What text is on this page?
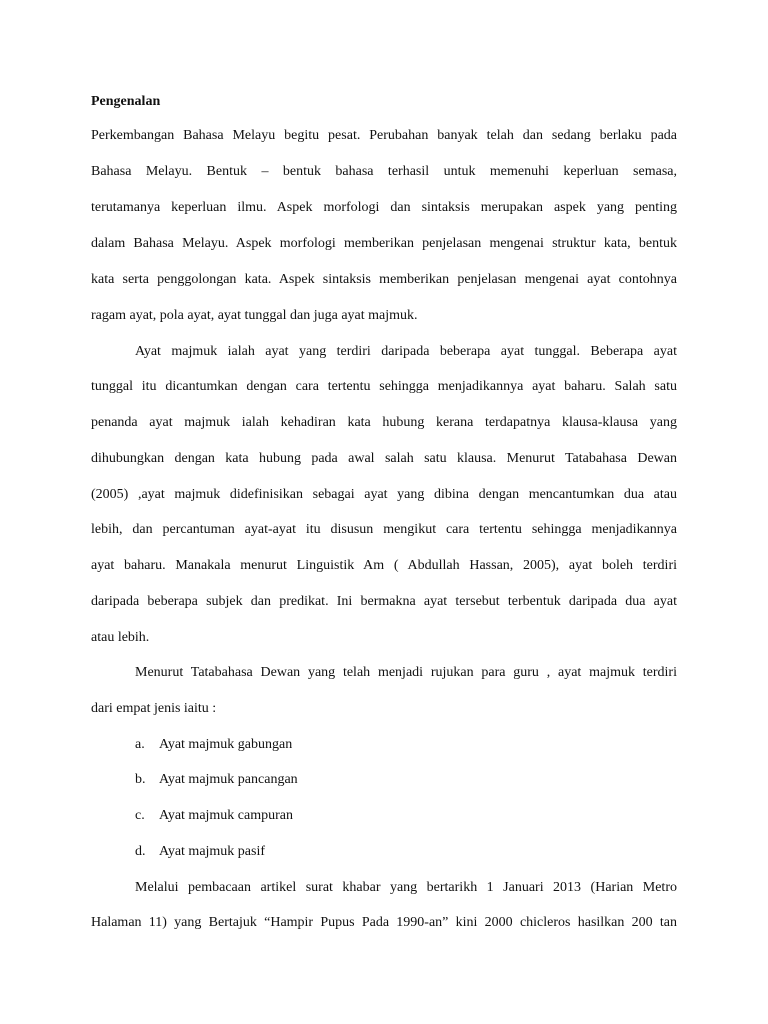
Pengenalan
Perkembangan Bahasa Melayu begitu pesat. Perubahan banyak telah dan sedang berlaku pada
Bahasa Melayu. Bentuk – bentuk bahasa terhasil untuk memenuhi keperluan semasa,
terutamanya keperluan ilmu. Aspek morfologi dan sintaksis merupakan aspek yang penting
dalam Bahasa Melayu. Aspek morfologi memberikan penjelasan mengenai struktur kata, bentuk
kata serta penggolongan kata. Aspek sintaksis memberikan penjelasan mengenai ayat contohnya
ragam ayat, pola ayat, ayat tunggal dan juga ayat majmuk.
Ayat majmuk ialah ayat yang terdiri daripada beberapa ayat tunggal. Beberapa ayat
tunggal itu dicantumkan dengan cara tertentu sehingga menjadikannya ayat baharu. Salah satu
penanda ayat majmuk ialah kehadiran kata hubung kerana terdapatnya klausa-klausa yang
dihubungkan dengan kata hubung pada awal salah satu klausa. Menurut Tatabahasa Dewan
(2005) ,ayat majmuk didefinisikan sebagai ayat yang dibina dengan mencantumkan dua atau
lebih, dan percantuman ayat-ayat itu disusun mengikut cara tertentu sehingga menjadikannya
ayat baharu. Manakala menurut Linguistik Am ( Abdullah Hassan, 2005), ayat boleh terdiri
daripada beberapa subjek dan predikat. Ini bermakna ayat tersebut terbentuk daripada dua ayat
atau lebih.
Menurut Tatabahasa Dewan yang telah menjadi rujukan para guru , ayat majmuk terdiri
dari empat jenis iaitu :
a. Ayat majmuk gabungan
b. Ayat majmuk pancangan
c. Ayat majmuk campuran
d. Ayat majmuk pasif
Melalui pembacaan artikel surat khabar yang bertarikh 1 Januari 2013 (Harian Metro
Halaman 11) yang Bertajuk “Hampir Pupus Pada 1990-an” kini 2000 chicleros hasilkan 200 tan
